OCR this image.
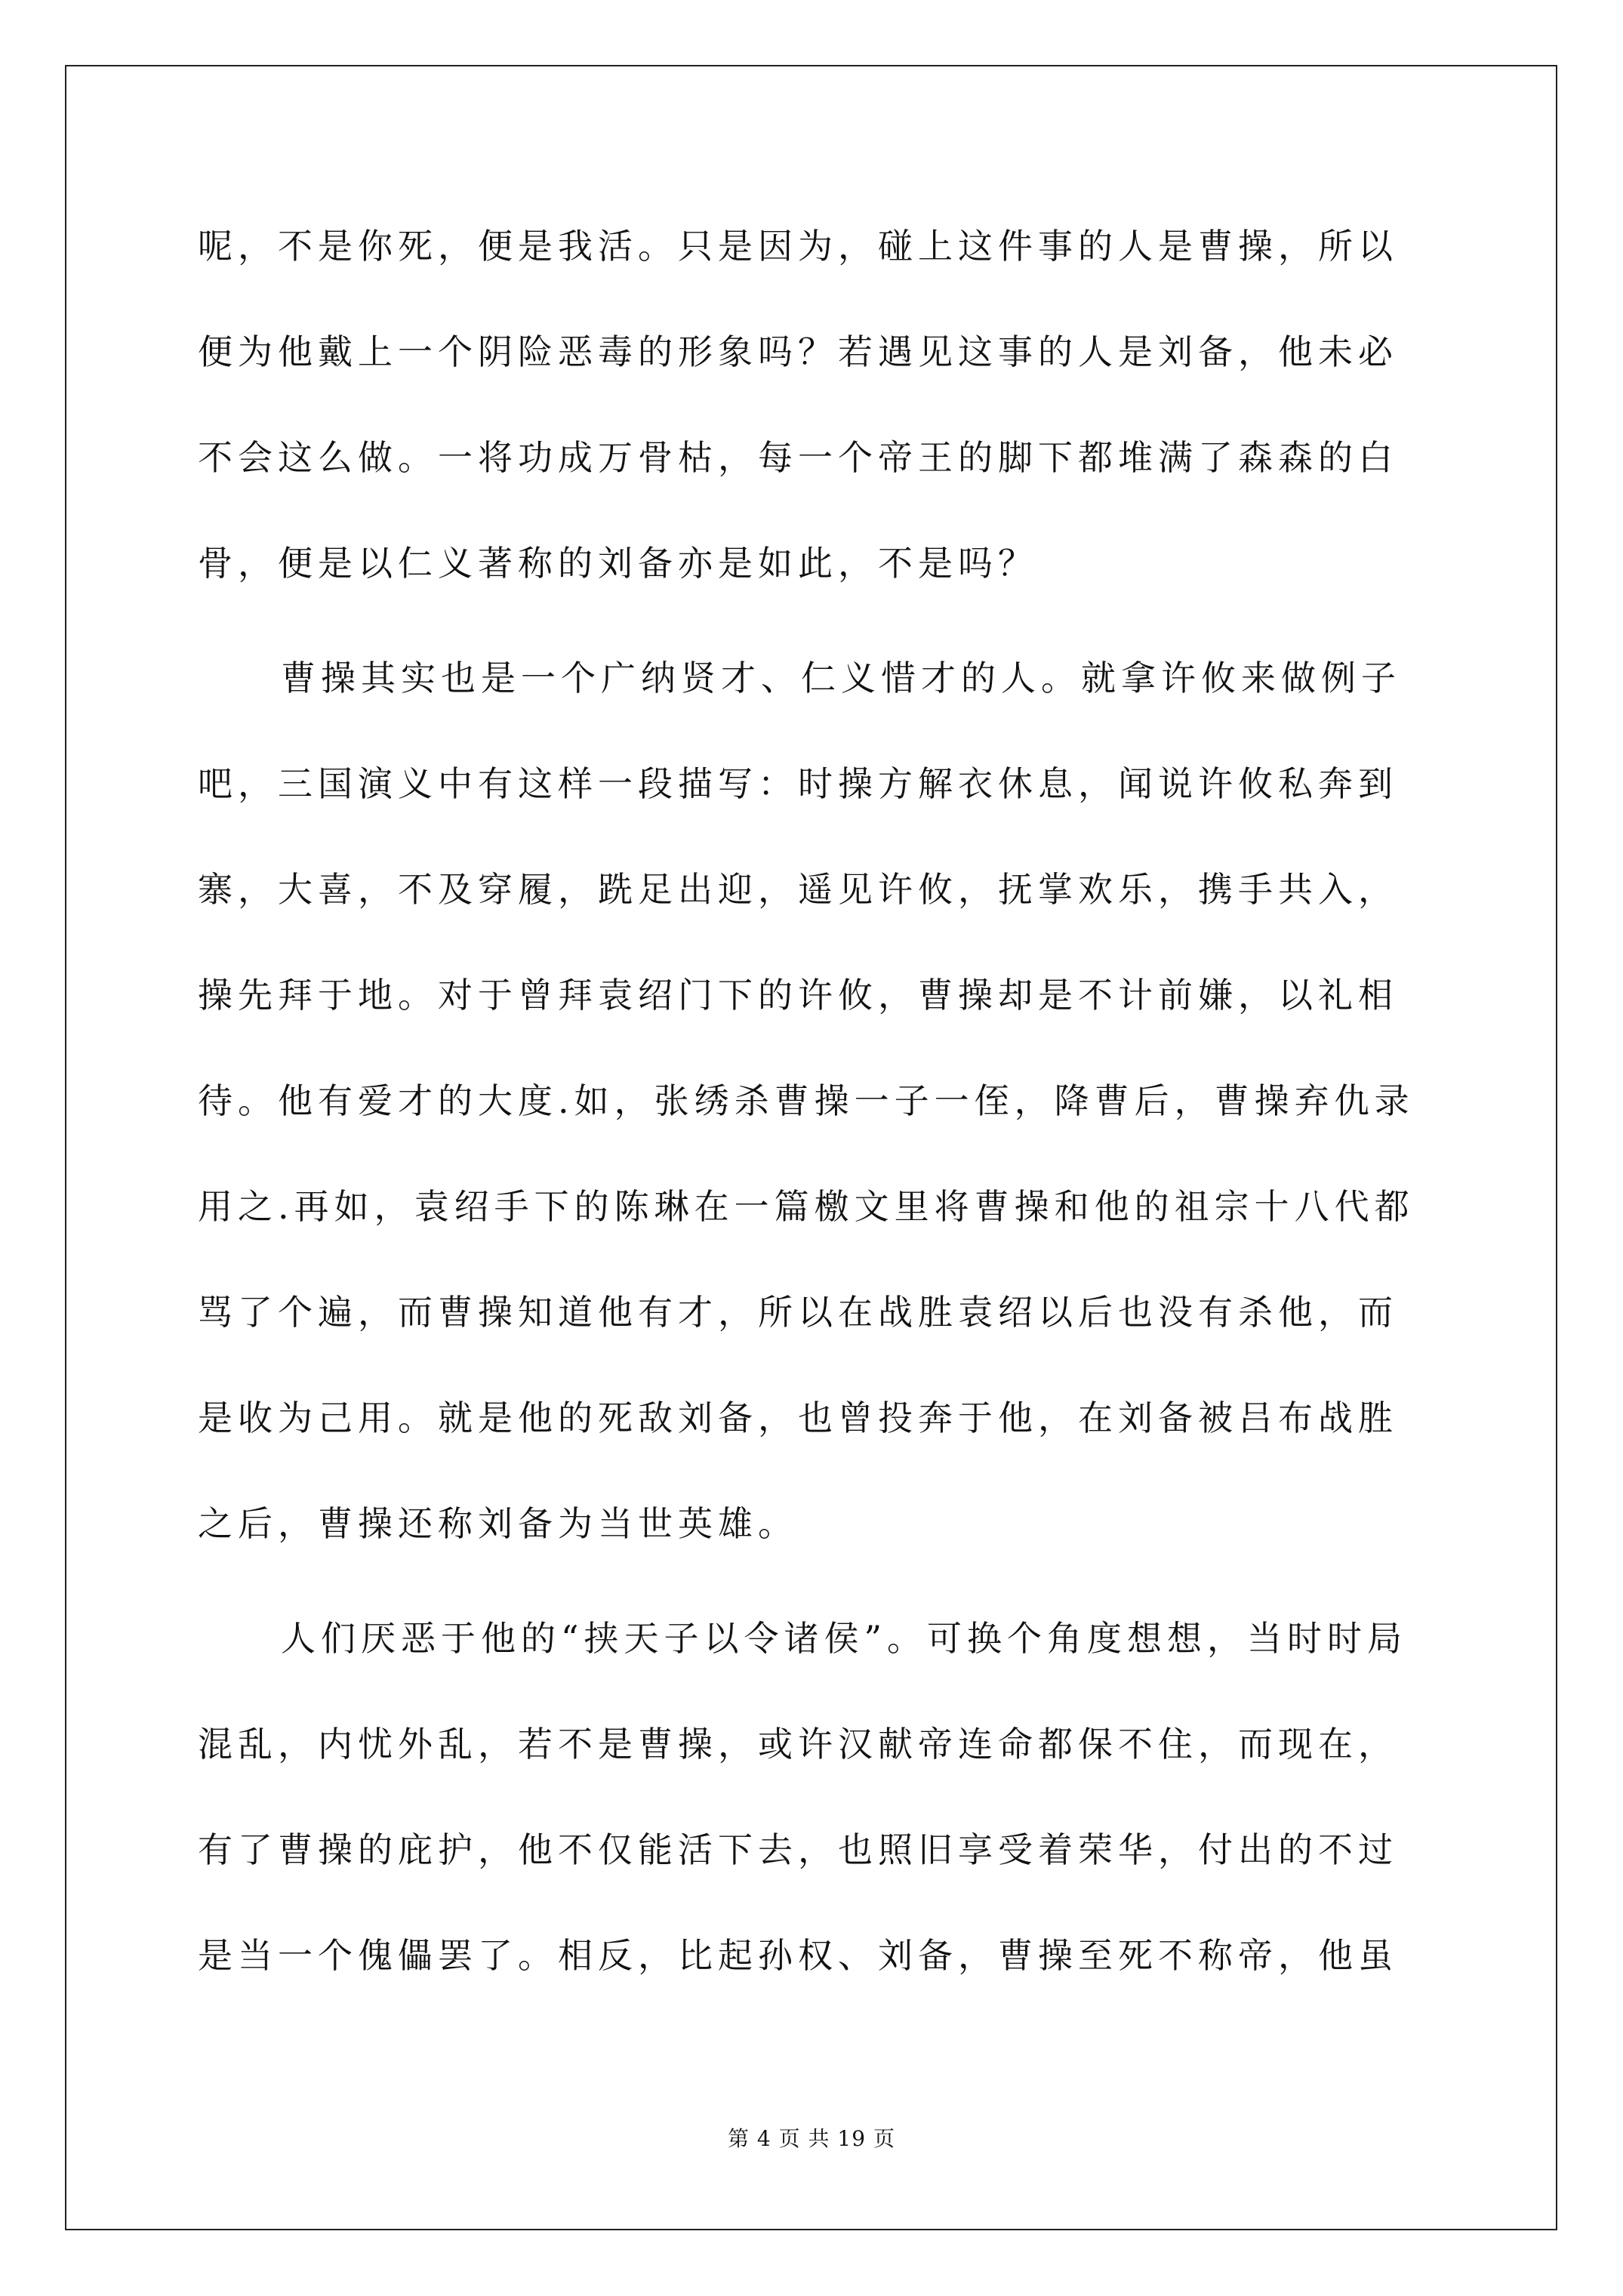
呢，不是你死，便是我活。只是因为，碰上这件事的人是曹操，所以
便为他戴上一个阴险恶毒的形象吗？若遇见这事的人是刘备，他未必
不会这么做。一将功成万骨枯，每一个帝王的脚下都堆满了森森的白
骨，便是以仁义著称的刘备亦是如此，不是吗？
曹操其实也是一个广纳贤才、仁义惜才的人。就拿许攸来做例子
吧，三国演义中有这样一段描写：时操方解衣休息，闻说许攸私奔到
寨，大喜，不及穿履，跣足出迎，遥见许攸，抚掌欢乐，携手共入，
操先拜于地。对于曾拜袁绍门下的许攸，曹操却是不计前嫌，以礼相
待。他有爱才的大度.如，张绣杀曹操一子一侄，降曹后，曹操弃仇录
用之.再如，袁绍手下的陈琳在一篇檄文里将曹操和他的祖宗十八代都
骂了个遍，而曹操知道他有才，所以在战胜袁绍以后也没有杀他，而
是收为己用。就是他的死敌刘备，也曾投奔于他，在刘备被吕布战胜
之后，曹操还称刘备为当世英雄。
人们厌恶于他的“挟天子以令诸侯”。可换个角度想想，当时时局
混乱，内忧外乱，若不是曹操，或许汉献帝连命都保不住，而现在，
有了曹操的庇护，他不仅能活下去，也照旧享受着荣华，付出的不过
是当一个傀儡罢了。相反，比起孙权、刘备，曹操至死不称帝，他虽
第 4 页 共 19 页
